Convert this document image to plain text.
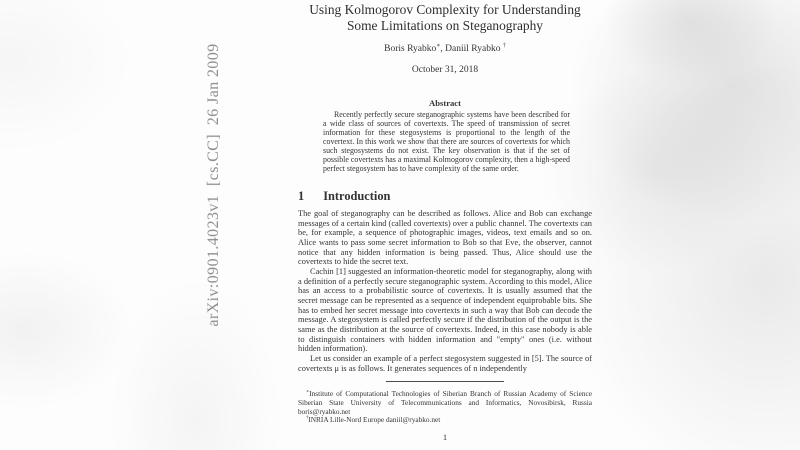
arXiv:0901.4023v1  [cs.CC]  26 Jan 2009
Using Kolmogorov Complexity for Understanding
Some Limitations on Steganography
Boris Ryabko∗, Daniil Ryabko †
October 31, 2018
Abstract
Recently perfectly secure steganographic systems have been described for a wide class of sources of covertexts. The speed of transmission of secret information for these stegosystems is proportional to the length of the covertext. In this work we show that there are sources of covertexts for which such stegosystems do not exist. The key observation is that if the set of possible covertexts has a maximal Kolmogorov complexity, then a high-speed perfect stegosystem has to have complexity of the same order.
1 Introduction

The goal of steganography can be described as follows. Alice and Bob can exchange messages of a certain kind (called covertexts) over a public channel. The covertexts can be, for example, a sequence of photographic images, videos, text emails and so on. Alice wants to pass some secret information to Bob so that Eve, the observer, cannot notice that any hidden information is being passed. Thus, Alice should use the covertexts to hide the secret text.

Cachin [1] suggested an information-theoretic model for steganography, along with a definition of a perfectly secure steganographic system. According to this model, Alice has an access to a probabilistic source of covertexts. It is usually assumed that the secret message can be represented as a sequence of independent equiprobable bits. She has to embed her secret message into covertexts in such a way that Bob can decode the message. A stegosystem is called perfectly secure if the distribution of the output is the same as the distribution at the source of covertexts. Indeed, in this case nobody is able to distinguish containers with hidden information and "empty" ones (i.e. without hidden information).

Let us consider an example of a perfect stegosystem suggested in [5]. The source of covertexts μ is as follows. It generates sequences of n independently

∗Institute of Computational Technologies of Siberian Branch of Russian Academy of Science Siberian State University of Telecommunications and Informatics, Novosibirsk, Russia boris@ryabko.net

†INRIA Lille-Nord Europe daniil@ryabko.net

1
